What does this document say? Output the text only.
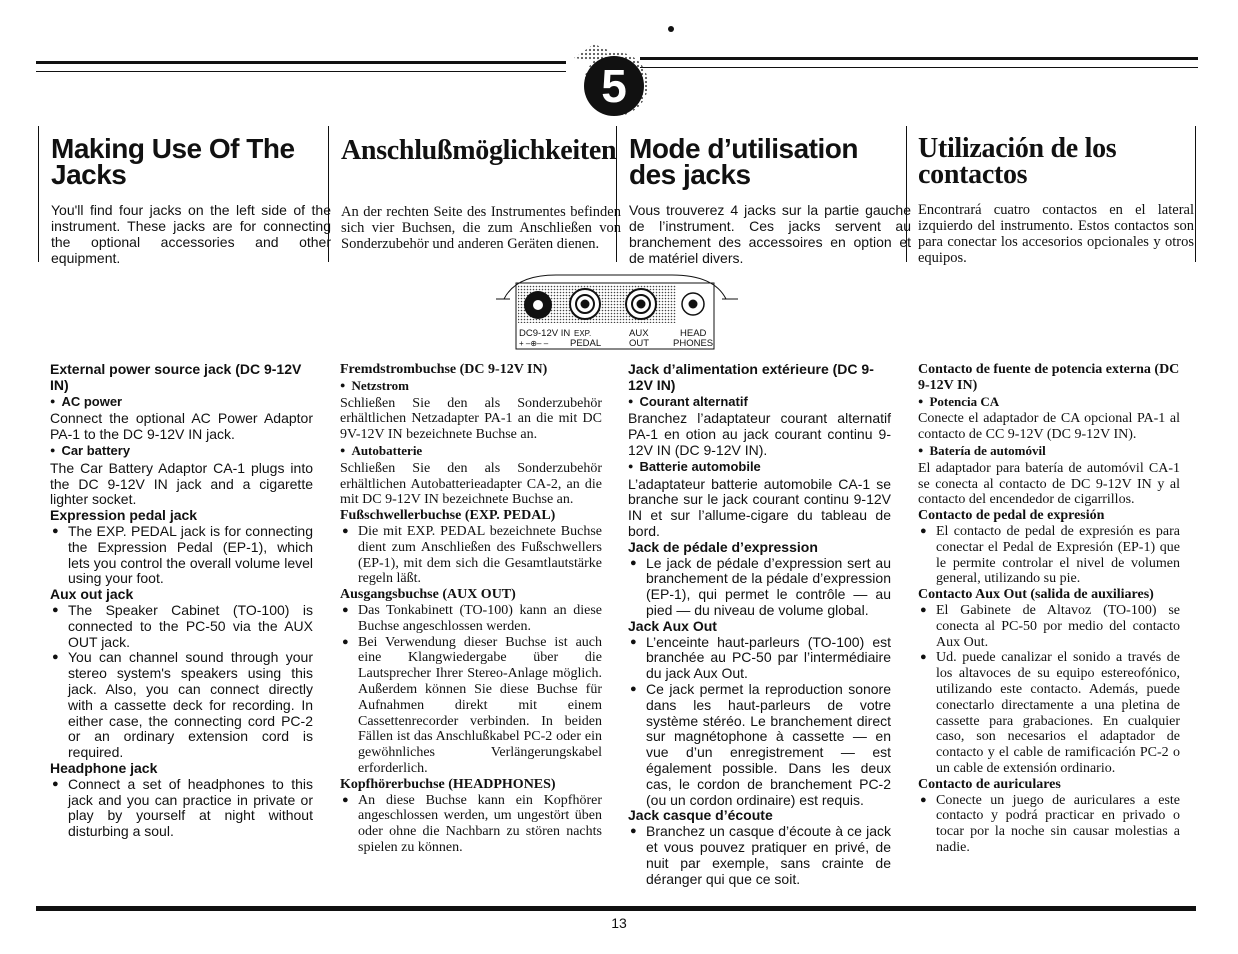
5
Making Use Of The Jacks
You'll find four jacks on the left side of the instrument. These jacks are for connecting the optional accessories and other equipment.
Anschlußmöglichkeiten
An der rechten Seite des Instrumentes befinden sich vier Buchsen, die zum Anschließen von Sonderzubehör und anderen Geräten dienen.
Mode d’utilisation des jacks
Vous trouverez 4 jacks sur la partie gauche de l’instrument. Ces jacks servent au branchement des accessoires en option et de matériel divers.
Utilización de los contactos
Encontrará cuatro contactos en el lateral izquierdo del instrumento. Estos contactos son para conectar los accesorios opcionales y otros equipos.
DC9-12V IN EXP.
+ –⊕– – PEDAL
AUX
OUT
HEAD
PHONES
External power source jack (DC 9-12V IN)
● AC power
Connect the optional AC Power Adaptor PA-1 to the DC 9-12V IN jack.
● Car battery
The Car Battery Adaptor CA-1 plugs into the DC 9-12V IN jack and a cigarette lighter socket.
Expression pedal jack
● The EXP. PEDAL jack is for connecting the Expression Pedal (EP-1), which lets you control the overall volume level using your foot.
Aux out jack
● The Speaker Cabinet (TO-100) is connected to the PC-50 via the AUX OUT jack.
● You can channel sound through your stereo system's speakers using this jack. Also, you can connect directly with a cassette deck for recording. In either case, the connecting cord PC-2 or an ordinary extension cord is required.
Headphone jack
● Connect a set of headphones to this jack and you can practice in private or play by yourself at night without disturbing a soul.
Fremdstrombuchse (DC 9-12V IN)
● Netzstrom
Schließen Sie den als Sonderzubehör erhältlichen Netzadapter PA-1 an die mit DC 9V-12V IN bezeichnete Buchse an.
● Autobatterie
Schließen Sie den als Sonderzubehör erhältlichen Autobatterieadapter CA-2, an die mit DC 9-12V IN bezeichnete Buchse an.
Fußschwellerbuchse (EXP. PEDAL)
● Die mit EXP. PEDAL bezeichnete Buchse dient zum Anschließen des Fußschwellers (EP-1), mit dem sich die Gesamtlautstärke regeln läßt.
Ausgangsbuchse (AUX OUT)
● Das Tonkabinett (TO-100) kann an diese Buchse angeschlossen werden.
● Bei Verwendung dieser Buchse ist auch eine Klangwiedergabe über die Lautsprecher Ihrer Stereo-Anlage möglich. Außerdem können Sie diese Buchse für Aufnahmen direkt mit einem Cassettenrecorder verbinden. In beiden Fällen ist das Anschlußkabel PC-2 oder ein gewöhnliches Verlängerungskabel erforderlich.
Kopfhörerbuchse (HEADPHONES)
● An diese Buchse kann ein Kopfhörer angeschlossen werden, um ungestört üben oder ohne die Nachbarn zu stören nachts spielen zu können.
Jack d’alimentation extérieure (DC 9-12V IN)
● Courant alternatif
Branchez l’adaptateur courant alternatif PA-1 en otion au jack courant continu 9-12V IN (DC 9-12V IN).
● Batterie automobile
L’adaptateur batterie automobile CA-1 se branche sur le jack courant continu 9-12V IN et sur l’allume-cigare du tableau de bord.
Jack de pédale d’expression
● Le jack de pédale d’expression sert au branchement de la pédale d’expression (EP-1), qui permet le contrôle — au pied — du niveau de volume global.
Jack Aux Out
● L’enceinte haut-parleurs (TO-100) est branchée au PC-50 par l’intermédiaire du jack Aux Out.
● Ce jack permet la reproduction sonore dans les haut-parleurs de votre système stéréo. Le branchement direct sur magnétophone à cassette — en vue d’un enregistrement — est également possible. Dans les deux cas, le cordon de branchement PC-2 (ou un cordon ordinaire) est requis.
Jack casque d’écoute
● Branchez un casque d’écoute à ce jack et vous pouvez pratiquer en privé, de nuit par exemple, sans crainte de déranger qui que ce soit.
Contacto de fuente de potencia externa (DC 9-12V IN)
● Potencia CA
Conecte el adaptador de CA opcional PA-1 al contacto de CC 9-12V (DC 9-12V IN).
● Batería de automóvil
El adaptador para batería de automóvil CA-1 se conecta al contacto de DC 9-12V IN y al contacto del encendedor de cigarrillos.
Contacto de pedal de expresión
● El contacto de pedal de expresión es para conectar el Pedal de Expresión (EP-1) que le permite controlar el nivel de volumen general, utilizando su pie.
Contacto Aux Out (salida de auxiliares)
● El Gabinete de Altavoz (TO-100) se conecta al PC-50 por medio del contacto Aux Out.
● Ud. puede canalizar el sonido a través de los altavoces de su equipo estereofónico, utilizando este contacto. Además, puede conectarlo directamente a una pletina de cassette para grabaciones. En cualquier caso, son necesarios el adaptador de contacto y el cable de ramificación PC-2 o un cable de extensión ordinario.
Contacto de auriculares
● Conecte un juego de auriculares a este contacto y podrá practicar en privado o tocar por la noche sin causar molestias a nadie.
13
